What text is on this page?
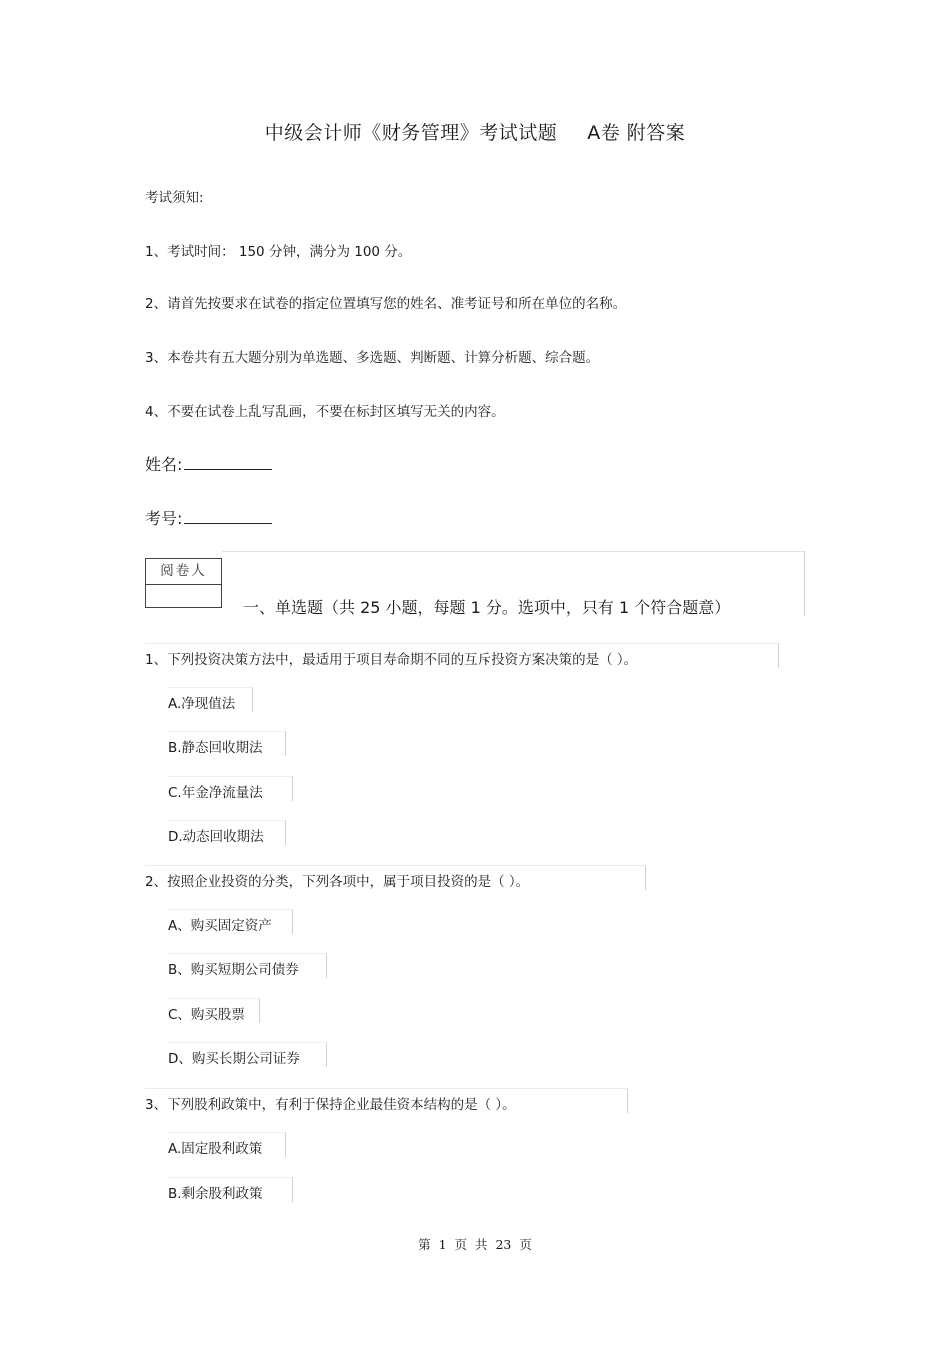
中级会计师《财务管理》考试试题 A卷 附答案
考试须知:
1、考试时间： 150 分钟，满分为 100 分。
2、请首先按要求在试卷的指定位置填写您的姓名、准考证号和所在单位的名称。
3、本卷共有五大题分别为单选题、多选题、判断题、计算分析题、综合题。
4、不要在试卷上乱写乱画，不要在标封区填写无关的内容。
姓名:
考号:
阅卷人
一、单选题（共 25 小题，每题 1 分。选项中，只有 1 个符合题意）
1、下列投资决策方法中，最适用于项目寿命期不同的互斥投资方案决策的是（ ）。
A.净现值法
B.静态回收期法
C.年金净流量法
D.动态回收期法
2、按照企业投资的分类，下列各项中，属于项目投资的是（ ）。
A、购买固定资产
B、购买短期公司债券
C、购买股票
D、购买长期公司证券
3、下列股利政策中，有利于保持企业最佳资本结构的是（ ）。
A.固定股利政策
B.剩余股利政策
第 1 页 共 23 页
